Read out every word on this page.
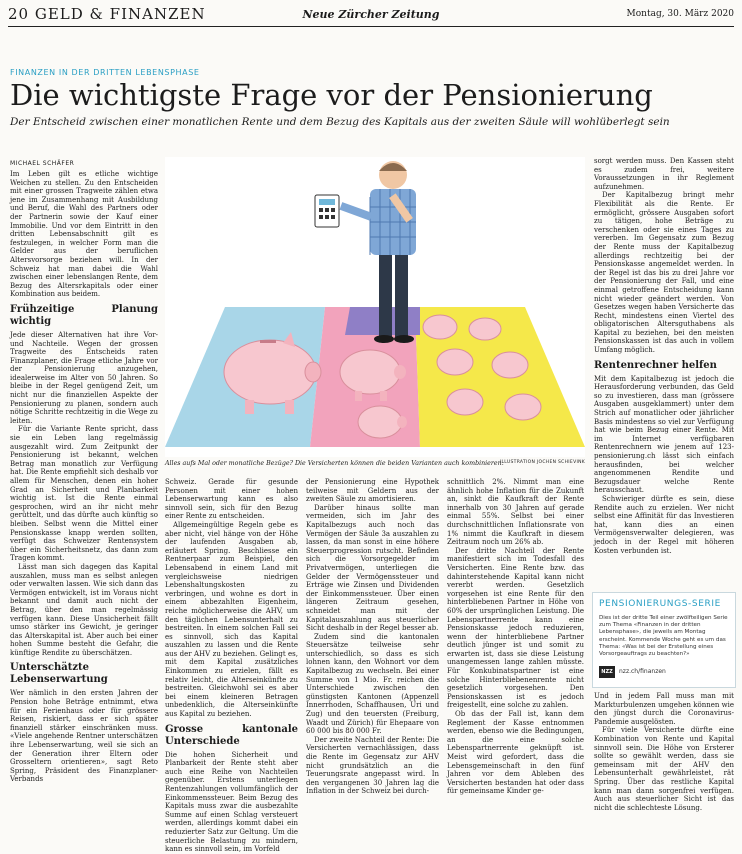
20 GELD & FINANZEN	Neue Zürcher Zeitung	Montag, 30. März 2020
FINANZEN IN DER DRITTEN LEBENSPHASE
Die wichtigste Frage vor der Pensionierung
Der Entscheid zwischen einer monatlichen Rente und dem Bezug des Kapitals aus der zweiten Säule will wohlüberlegt sein
MICHAEL SCHÄFER

Im Leben gilt es etliche wichtige Weichen zu stellen. Zu den Entscheiden mit einer grossen Tragweite zählen etwa jene im Zusammenhang mit Ausbildung und Beruf, die Wahl des Partners oder der Partnerin sowie der Kauf einer Immobilie. Und vor dem Eintritt in den dritten Lebensabschnitt gilt es festzulegen, in welcher Form man die Gelder aus der beruflichen Altersvorsorge beziehen will. In der Schweiz hat man dabei die Wahl zwischen einer lebenslangen Rente, dem Bezug des Altersrkapitals oder einer Kombination aus beidem.

Frühzeitige Planung wichtig

Jede dieser Alternativen hat ihre Vor- und Nachteile. Wegen der grossen Tragweite des Entscheids raten Finanzplaner, die Frage etliche Jahre vor der Pensionierung anzugehen, idealerweise im Alter von 50 Jahren. So bleibe in der Regel genügend Zeit, um nicht nur die finanziellen Aspekte der Pensionierung zu planen, sondern auch nötige Schritte rechtzeitig in die Wege zu leiten.

Für die Variante Rente spricht, dass sie ein Leben lang regelmässig ausgezahlt wird. Zum Zeitpunkt der Pensionierung ist bekannt, welchen Betrag man monatlich zur Verfügung hat. Die Rente empfiehlt sich deshalb vor allem für Menschen, denen ein hoher Grad an Sicherheit und Planbarkeit wichtig ist. Ist die Rente einmal gesprochen, wird an ihr nicht mehr gerüttelt, und das dürfte auch künftig so bleiben. Selbst wenn die Mittel einer Pensionskasse knapp werden sollten, verfügt das Schweizer Rentensystem über ein Sicherheitsnetz, das dann zum Tragen kommt.

Lässt man sich dagegen das Kapital auszahlen, muss man es selbst anlegen oder verwalten lassen. Wie sich dann das Vermögen entwickelt, ist im Voraus nicht bekannt und damit auch nicht der Betrag, über den man regelmässig verfügen kann. Diese Unsicherheit fällt umso stärker ins Gewicht, je geringer das Alterskapital ist. Aber auch bei einer hohen Summe besteht die Gefahr, die künftige Rendite zu überschätzen.

Unterschätzte Lebenserwartung

Wer nämlich in den ersten Jahren der Pension hohe Beträge entnimmt, etwa für ein Ferienhaus oder für grössere Reisen, riskiert, dass er sich später finanziell stärker einschränken muss. «Viele angehende Rentner unterschätzen ihre Lebenserwartung, weil sie sich an der Generation ihrer Eltern oder Grosseltern orientieren», sagt Reto Spring, Präsident des Finanzplaner-Verbands

Alles aufs Mal oder monatliche Bezüge? Die Versicherten können die beiden Varianten auch kombinieren.
ILLUSTRATION JOCHEN SCHIEVINK

Schweiz. Gerade für gesunde Personen mit einer hohen Lebenserwartung kann es also sinnvoll sein, sich für den Bezug einer Rente zu entscheiden.

Allgemeingültige Regeln gebe es aber nicht, viel hänge von der Höhe der laufenden Ausgaben ab, erläutert Spring. Beschliesse ein Rentnerpaar zum Beispiel, den Lebensabend in einem Land mit vergleichsweise niedrigen Lebenshaltungskosten zu verbringen, und wohne es dort in einem abbezahlten Eigenheim, reiche möglicherweise die AHV, um den täglichen Lebensunterhalt zu bestreiten. In einem solchen Fall sei es sinnvoll, sich das Kapital auszahlen zu lassen und die Rente aus der AHV zu beziehen. Gelingt es, mit dem Kapital zusätzliches Einkommen zu erzielen, fällt es relativ leicht, die Alterseinkünfte zu bestreiten. Gleichwohl sei es aber bei einem kleineren Betragen unbedenklich, die Alterseinkünfte aus Kapital zu beziehen.

Grosse kantonale Unterschiede

Die hohen Sicherheit und Planbarkeit der Rente steht aber auch eine Reihe von Nachteilen gegenüber. Erstens unterliegen Rentenzahlungen vollumfänglich der Einkommenssteuer. Beim Bezug des Kapitals muss zwar die ausbezahlte Summe auf einen Schlag versteuert werden, allerdings kommt dabei ein reduzierter Satz zur Geltung. Um die steuerliche Belastung zu mindern, kann es sinnvoll sein, im Vorfeld

der Pensionierung eine Hypothek teilweise mit Geldern aus der zweiten Säule zu amortisieren.

Darüber hinaus sollte man vermeiden, sich im Jahr des Kapitalbezugs auch noch das Vermögen der Säule 3a auszahlen zu lassen, da man sonst in eine höhere Steuerprogression rutscht. Befinden sich die Vorsorgegelder im Privatvermögen, unterliegen die Gelder der Vermögenssteuer und Erträge wie Zinsen und Dividenden der Einkommenssteuer. Über einen längeren Zeitraum gesehen, schneidet man mit der Kapitalauszahlung aus steuerlicher Sicht deshalb in der Regel besser ab.

Zudem sind die kantonalen Steuersätze teilweise sehr unterschiedlich, so dass es sich lohnen kann, den Wohnort vor dem Kapitalbezug zu wechseln. Bei einer Summe von 1 Mio. Fr. reichen die Unterschiede zwischen den günstigsten Kantonen (Appenzell Innerrhoden, Schaffhausen, Uri und Zug) und den teuersten (Freiburg, Waadt und Zürich) für Ehepaare von 60 000 bis 80 000 Fr.

Der zweite Nachteil der Rente: Die Versicherten vernachlässigen, dass die Rente im Gegensatz zur AHV nicht grundsätzlich an die Teuerungsrate angepasst wird. In den vergangenen 30 Jahren lag die Inflation in der Schweiz bei durch-

schnittlich 2%. Nimmt man eine ähnlich hohe Inflation für die Zukunft an, sinkt die Kaufkraft der Rente innerhalb von 30 Jahren auf gerade einmal 55%. Selbst bei einer durchschnittlichen Inflationsrate von 1% nimmt die Kaufkraft in diesem Zeitraum noch um 26% ab.

Der dritte Nachteil der Rente manifestiert sich im Todesfall des Versicherten. Eine Rente bzw. das dahinterstehende Kapital kann nicht vererbt werden. Gesetzlich vorgesehen ist eine Rente für den hinterbliebenen Partner in Höhe von 60% der ursprünglichen Leistung. Die Lebenspartnerrente kann eine Pensionskasse jedoch reduzieren, wenn der hinterbliebene Partner deutlich jünger ist und somit zu erwarten ist, dass sie diese Leistung unangemessen lange zahlen müsste. Für Konkubinatspartner ist eine solche Hinterbliebenenrente nicht gesetzlich vorgesehen. Den Pensionskassen ist es jedoch freigestellt, eine solche zu zahlen.

Ob das der Fall ist, kann dem Reglement der Kasse entnommen werden, ebenso wie die Bedingungen, an die eine solche Lebenspartnerrente geknüpft ist. Meist wird gefordert, dass die Lebensgemeinschaft in den fünf Jahren vor dem Ableben des Versicherten bestanden hat oder dass für gemeinsame Kinder ge-

sorgt werden muss. Den Kassen steht es zudem frei, weitere Voraussetzungen in ihr Reglement aufzunehmen.

Der Kapitalbezug bringt mehr Flexibilität als die Rente. Er ermöglicht, grössere Ausgaben sofort zu tätigen, hohe Beträge zu verschenken oder sie eines Tages zu vererben. Im Gegensatz zum Bezug der Rente muss der Kapitalbezug allerdings rechtzeitig bei der Pensionskasse angemeldet werden. In der Regel ist das bis zu drei Jahre vor der Pensionierung der Fall, und eine einmal getroffene Entscheidung kann nicht wieder geändert werden. Von Gesetzes wegen haben Versicherte das Recht, mindestens einen Viertel des obligatorischen Altersguthabens als Kapital zu beziehen, bei den meisten Pensionskassen ist das auch in vollem Umfang möglich.

Rentenrechner helfen

Mit dem Kapitalbezug ist jedoch die Herausforderung verbunden, das Geld so zu investieren, dass man (grössere Ausgaben ausgeklammert) unter dem Strich auf monatlicher oder jährlicher Basis mindestens so viel zur Verfügung hat wie beim Bezug einer Rente. Mit im Internet verfügbaren Rentenrechnern wie jenem auf 123-pensionierung.ch lässt sich einfach herausfinden, bei welcher angenommenen Rendite und Bezugsdauer welche Rente herausschaut.

Schwieriger dürfte es sein, diese Rendite auch zu erzielen. Wer nicht selbst eine Affinität für das Investieren hat, kann dies an einen Vermögensverwalter delegieren, was jedoch in der Regel mit höheren Kosten verbunden ist.

PENSIONIERUNGS-SERIE
Dies ist der dritte Teil einer zwölfteiligen Serie zum Thema «Finanzen in der dritten Lebensphase», die jeweils am Montag erscheint. Kommende Woche geht es um das Thema: «Was ist bei der Erstellung eines Vorsorgeauftrags zu beachten?»
NZZ	nzz.ch/finanzen

Und in jedem Fall muss man mit Markturbulenzen umgehen können wie den jüngst durch die Coronavirus-Pandemie ausgelösten.

Für viele Versicherte dürfte eine Kombination von Rente und Kapital sinnvoll sein. Die Höhe von Ersterer sollte so gewählt werden, dass sie gemeinsam mit der AHV den Lebensunterhalt gewährleistet, rät Spring. Über das restliche Kapital kann man dann sorgenfrei verfügen. Auch aus steuerlicher Sicht ist das nicht die schlechteste Lösung.
